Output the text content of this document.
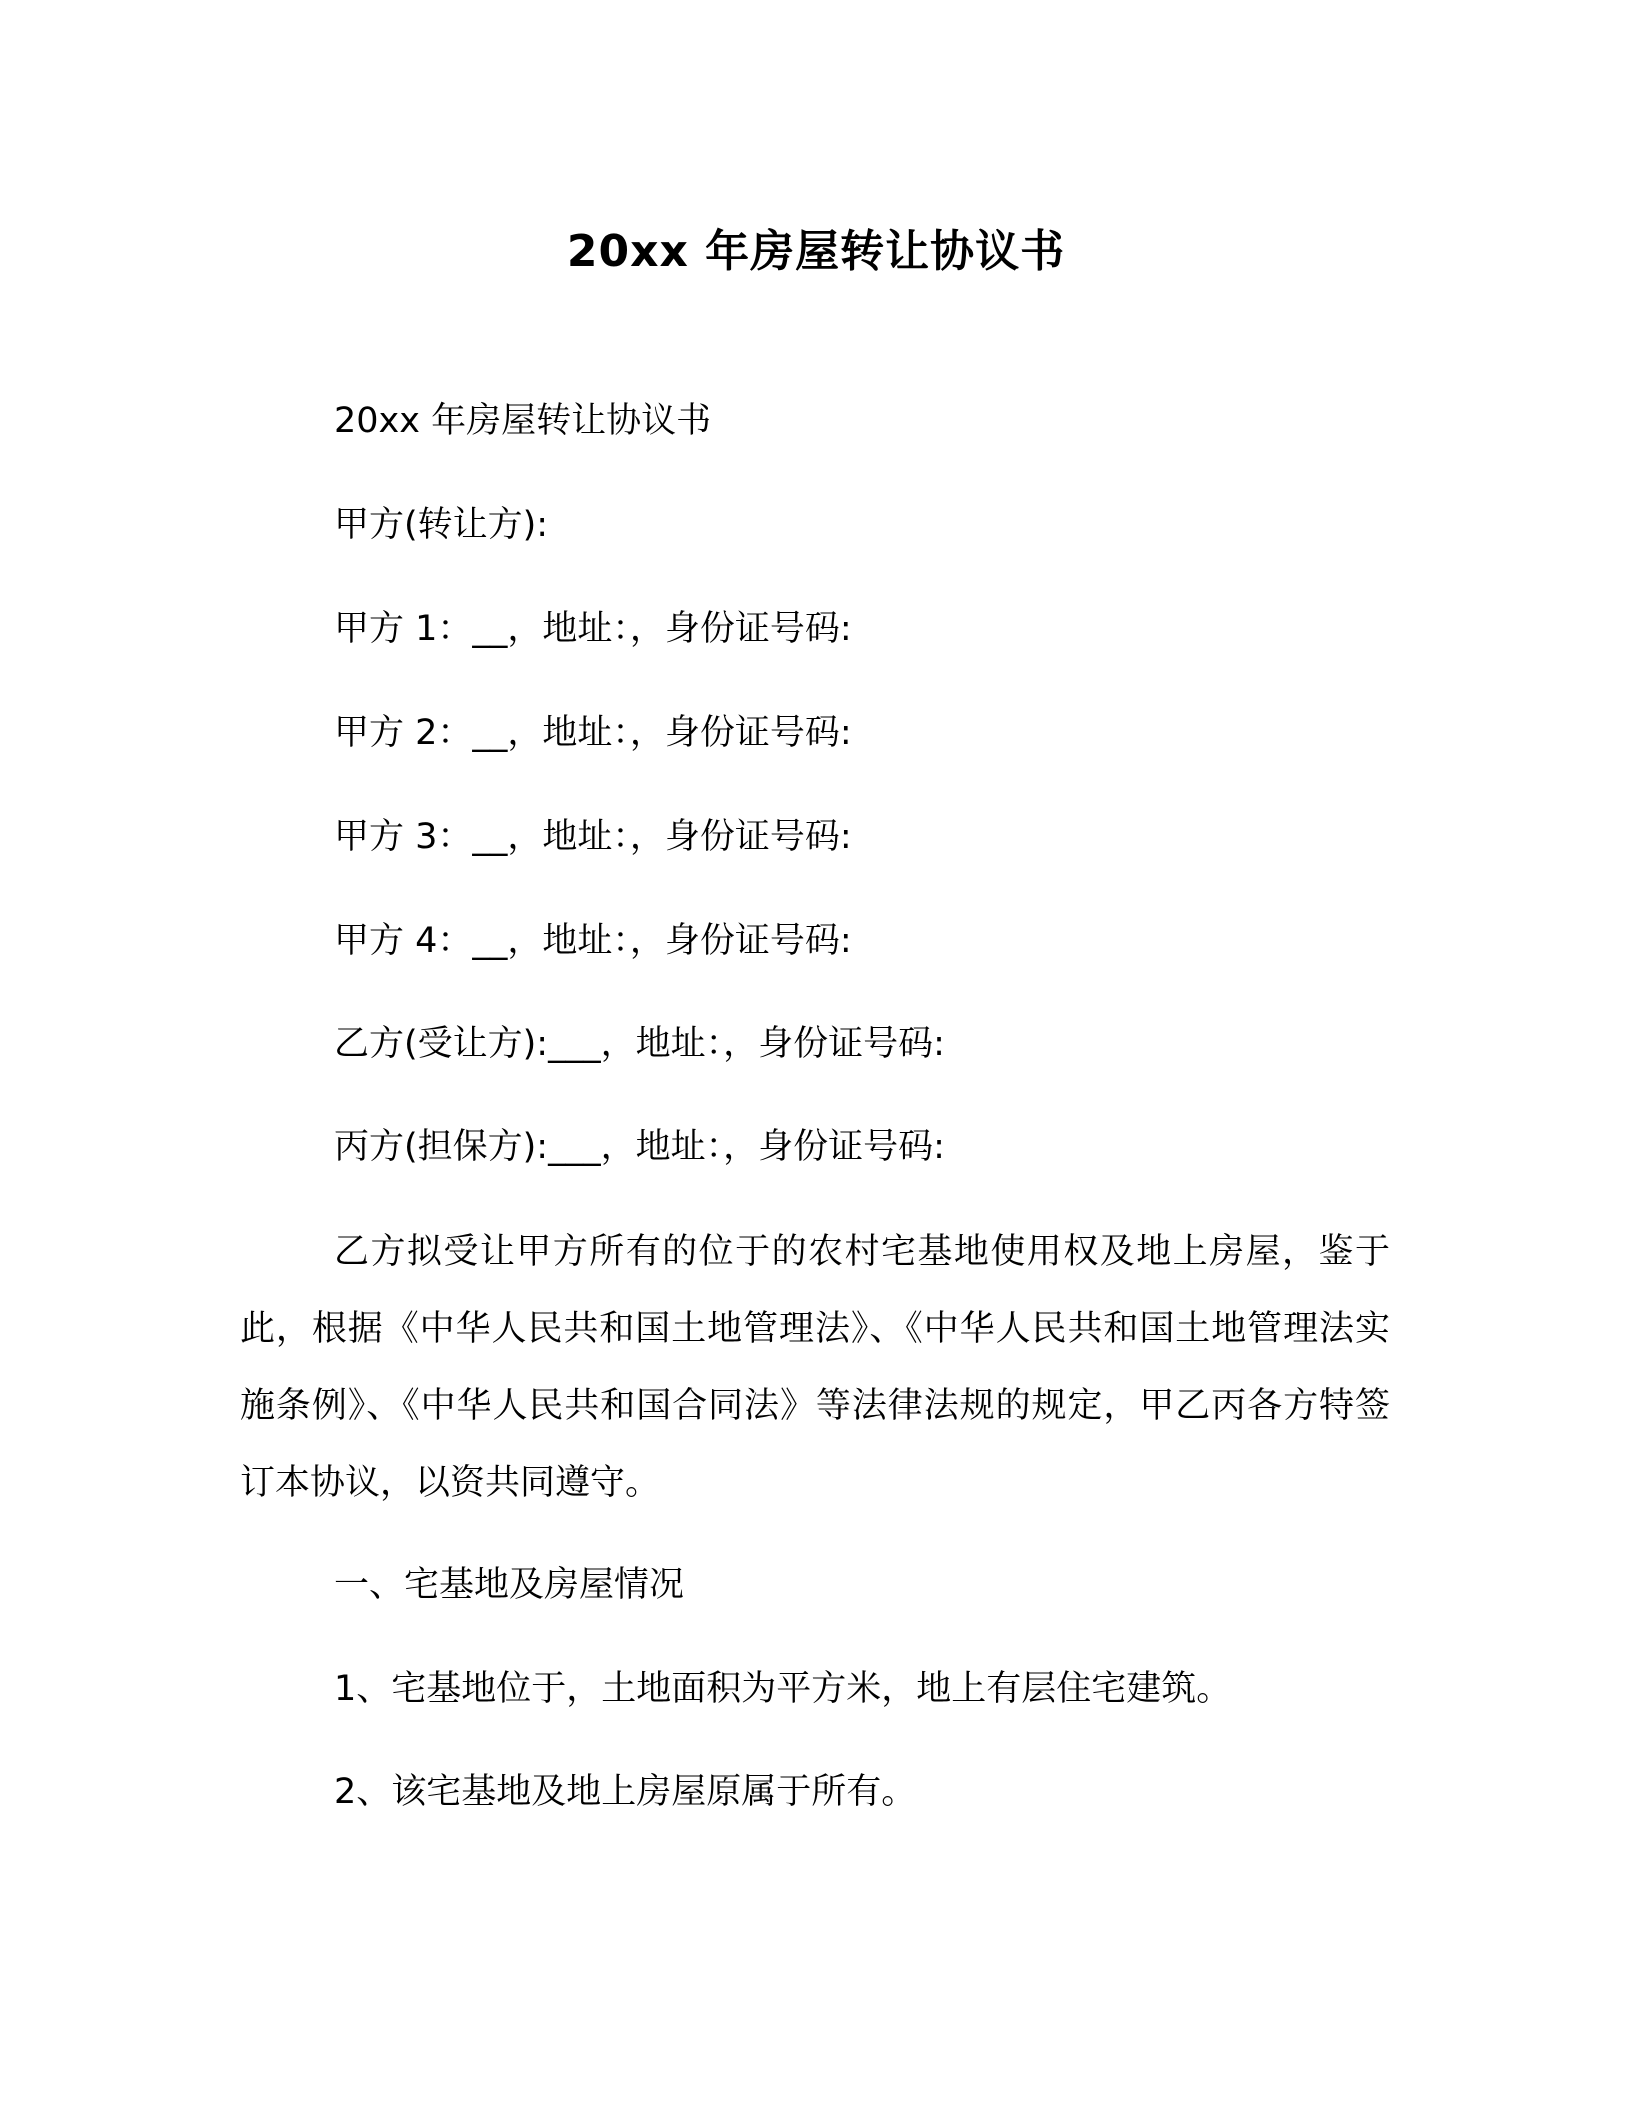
20xx 年房屋转让协议书

20xx 年房屋转让协议书

甲方(转让方):

甲方 1：__，地址：，身份证号码:

甲方 2：__，地址：，身份证号码:

甲方 3：__，地址：，身份证号码:

甲方 4：__，地址：，身份证号码:

乙方(受让方):___，地址：，身份证号码:

丙方(担保方):___，地址：，身份证号码:

乙方拟受让甲方所有的位于的农村宅基地使用权及地上房屋，鉴于此，根据《中华人民共和国土地管理法》、《中华人民共和国土地管理法实施条例》、《中华人民共和国合同法》等法律法规的规定，甲乙丙各方特签订本协议，以资共同遵守。

一、宅基地及房屋情况

1、宅基地位于，土地面积为平方米，地上有层住宅建筑。

2、该宅基地及地上房屋原属于所有。
